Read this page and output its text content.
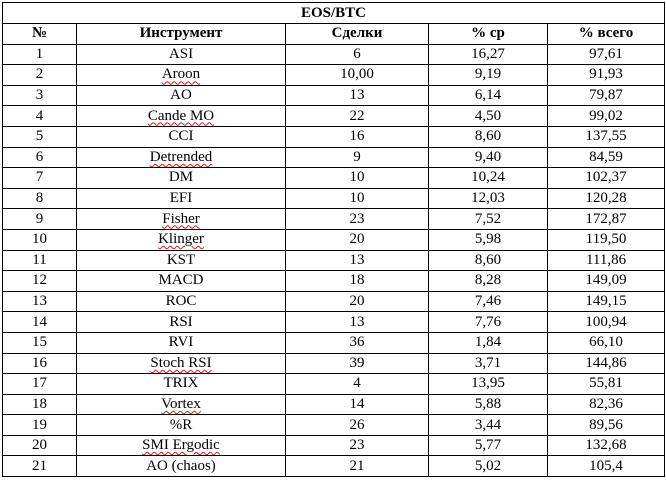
EOS/BTC				
№	Инструмент	Сделки	% ср	% всего
1	ASI	6	16,27	97,61
2	Aroon	10,00	9,19	91,93
3	AO	13	6,14	79,87
4	Cande MO	22	4,50	99,02
5	CCI	16	8,60	137,55
6	Detrended	9	9,40	84,59
7	DM	10	10,24	102,37
8	EFI	10	12,03	120,28
9	Fisher	23	7,52	172,87
10	Klinger	20	5,98	119,50
11	KST	13	8,60	111,86
12	MACD	18	8,28	149,09
13	ROC	20	7,46	149,15
14	RSI	13	7,76	100,94
15	RVI	36	1,84	66,10
16	Stoch RSI	39	3,71	144,86
17	TRIX	4	13,95	55,81
18	Vortex	14	5,88	82,36
19	%R	26	3,44	89,56
20	SMI Ergodic	23	5,77	132,68
21	AO (chaos)	21	5,02	105,4
